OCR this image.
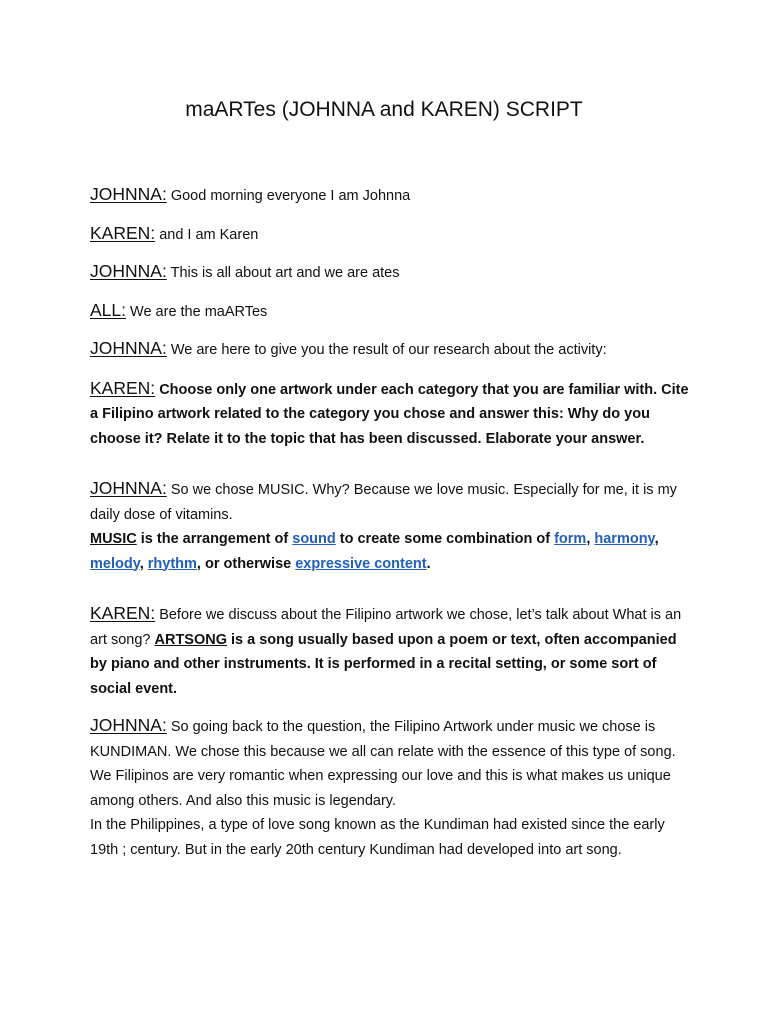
maARTes (JOHNNA and KAREN) SCRIPT

JOHNNA: Good morning everyone I am Johnna

KAREN: and I am Karen

JOHNNA: This is all about art and we are ates

ALL: We are the maARTes

JOHNNA: We are here to give you the result of our research about the activity:

KAREN: Choose only one artwork under each category that you are familiar with. Cite a Filipino artwork related to the category you chose and answer this: Why do you choose it? Relate it to the topic that has been discussed. Elaborate your answer.

JOHNNA: So we chose MUSIC. Why? Because we love music. Especially for me, it is my daily dose of vitamins.

MUSIC is the arrangement of sound to create some combination of form, harmony, melody, rhythm, or otherwise expressive content.

KAREN: Before we discuss about the Filipino artwork we chose, let’s talk about What is an art song? ARTSONG is a song usually based upon a poem or text, often accompanied by piano and other instruments. It is performed in a recital setting, or some sort of social event.

JOHNNA: So going back to the question, the Filipino Artwork under music we chose is KUNDIMAN. We chose this because we all can relate with the essence of this type of song. We Filipinos are very romantic when expressing our love and this is what makes us unique among others. And also this music is legendary.

In the Philippines, a type of love song known as the Kundiman had existed since the early 19th ; century. But in the early 20th century Kundiman had developed into art song.
